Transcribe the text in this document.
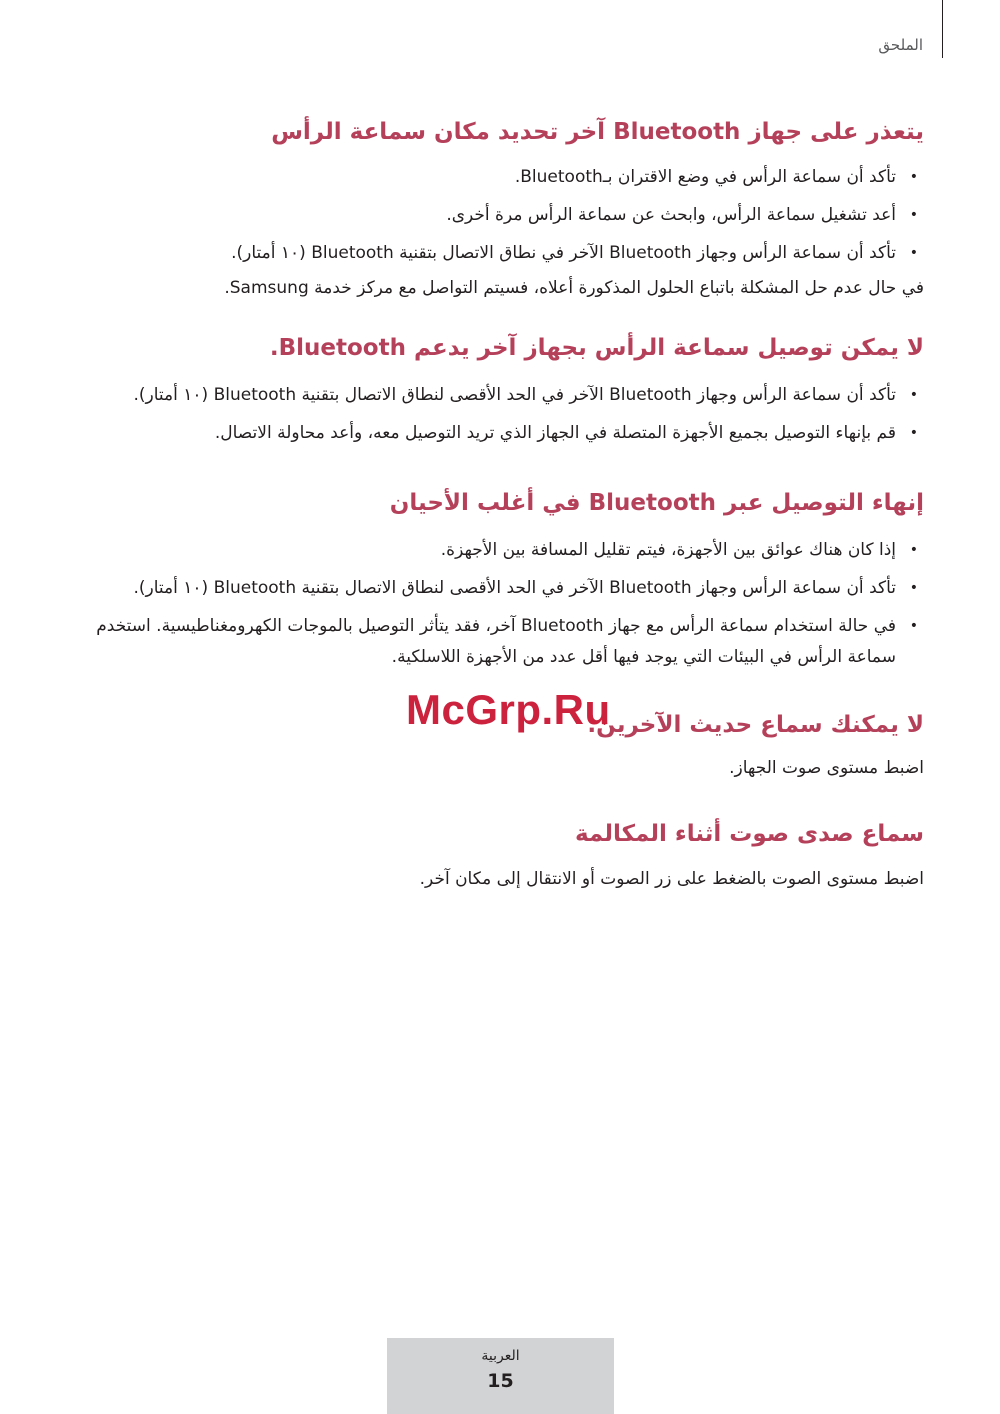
الملحق
يتعذر على جهاز Bluetooth آخر تحديد مكان سماعة الرأس
• تأكد أن سماعة الرأس في وضع الاقتران بـBluetooth.
• أعد تشغيل سماعة الرأس، وابحث عن سماعة الرأس مرة أخرى.
• تأكد أن سماعة الرأس وجهاز Bluetooth الآخر في نطاق الاتصال بتقنية Bluetooth (١٠ أمتار).

في حال عدم حل المشكلة باتباع الحلول المذكورة أعلاه، فسيتم التواصل مع مركز خدمة Samsung.

لا يمكن توصيل سماعة الرأس بجهاز آخر يدعم Bluetooth.
• تأكد أن سماعة الرأس وجهاز Bluetooth الآخر في الحد الأقصى لنطاق الاتصال بتقنية Bluetooth (١٠ أمتار).
• قم بإنهاء التوصيل بجميع الأجهزة المتصلة في الجهاز الذي تريد التوصيل معه، وأعد محاولة الاتصال.
إنهاء التوصيل عبر Bluetooth في أغلب الأحيان
• إذا كان هناك عوائق بين الأجهزة، فيتم تقليل المسافة بين الأجهزة.
• تأكد أن سماعة الرأس وجهاز Bluetooth الآخر في الحد الأقصى لنطاق الاتصال بتقنية Bluetooth (١٠ أمتار).
• في حالة استخدام سماعة الرأس مع جهاز Bluetooth آخر، فقد يتأثر التوصيل بالموجات الكهرومغناطيسية. استخدم سماعة الرأس في البيئات التي يوجد فيها أقل عدد من الأجهزة اللاسلكية.
لا يمكنك سماع حديث الآخرين.

اضبط مستوى صوت الجهاز.

سماع صدى صوت أثناء المكالمة

اضبط مستوى الصوت بالضغط على زر الصوت أو الانتقال إلى مكان آخر.

McGrp.Ru
العربية
15
